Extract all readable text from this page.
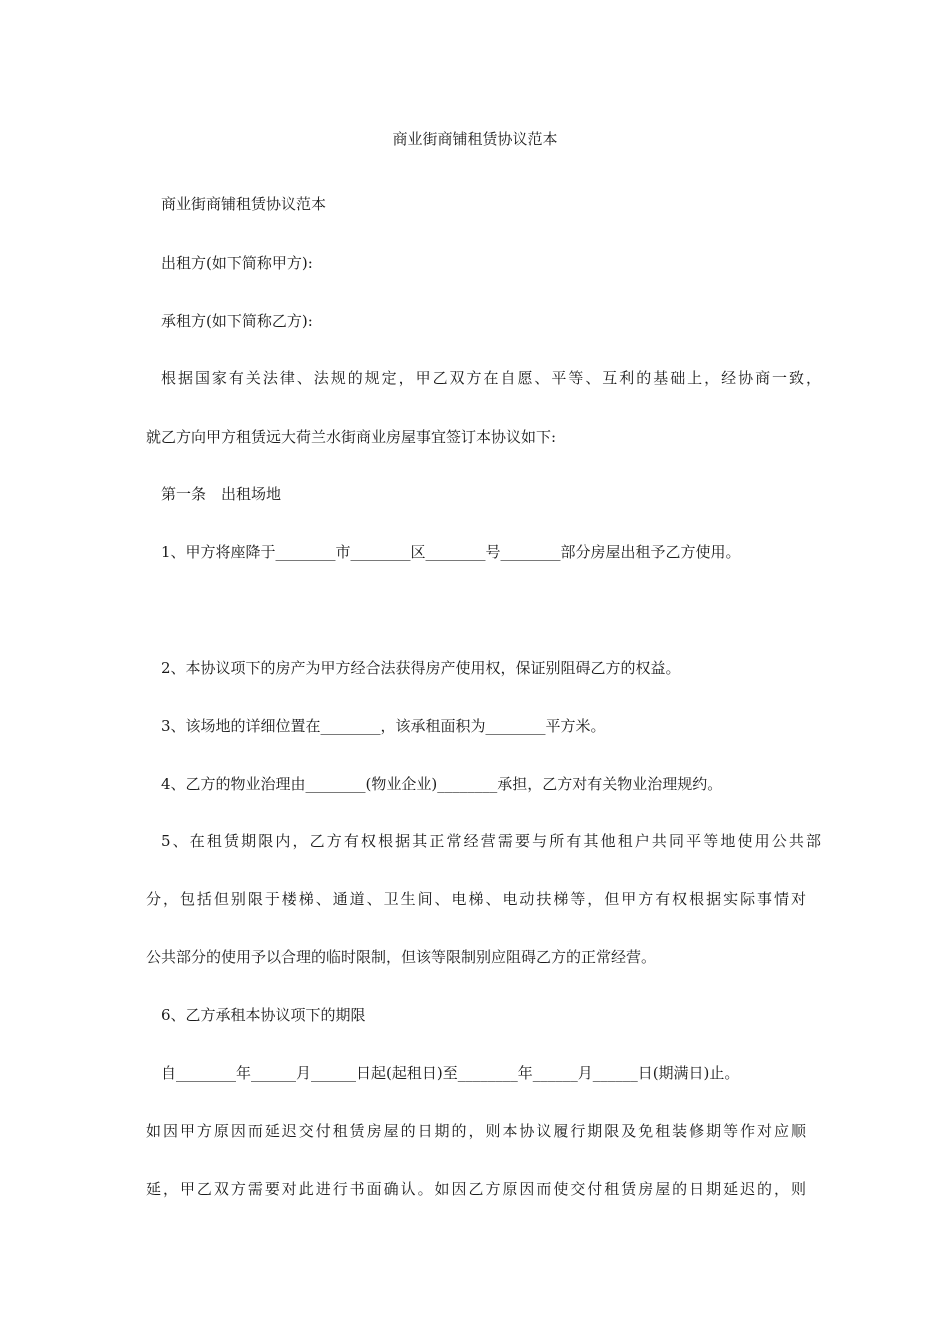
商业街商铺租赁协议范本

商业街商铺租赁协议范本

出租方(如下简称甲方):

承租方(如下简称乙方):

根据国家有关法律、法规的规定，甲乙双方在自愿、平等、互利的基础上，经协商一致，

就乙方向甲方租赁远大荷兰水街商业房屋事宜签订本协议如下:

第一条　出租场地

1、甲方将座降于________市________区________号________部分房屋出租予乙方使用。

2、本协议项下的房产为甲方经合法获得房产使用权，保证别阻碍乙方的权益。

3、该场地的详细位置在________，该承租面积为________平方米。

4、乙方的物业治理由________(物业企业)________承担，乙方对有关物业治理规约。

5、在租赁期限内，乙方有权根据其正常经营需要与所有其他租户共同平等地使用公共部

分，包括但别限于楼梯、通道、卫生间、电梯、电动扶梯等，但甲方有权根据实际事情对

公共部分的使用予以合理的临时限制，但该等限制别应阻碍乙方的正常经营。

6、乙方承租本协议项下的期限

自________年______月______日起(起租日)至________年______月______日(期满日)止。

如因甲方原因而延迟交付租赁房屋的日期的，则本协议履行期限及免租装修期等作对应顺

延，甲乙双方需要对此进行书面确认。如因乙方原因而使交付租赁房屋的日期延迟的，则
